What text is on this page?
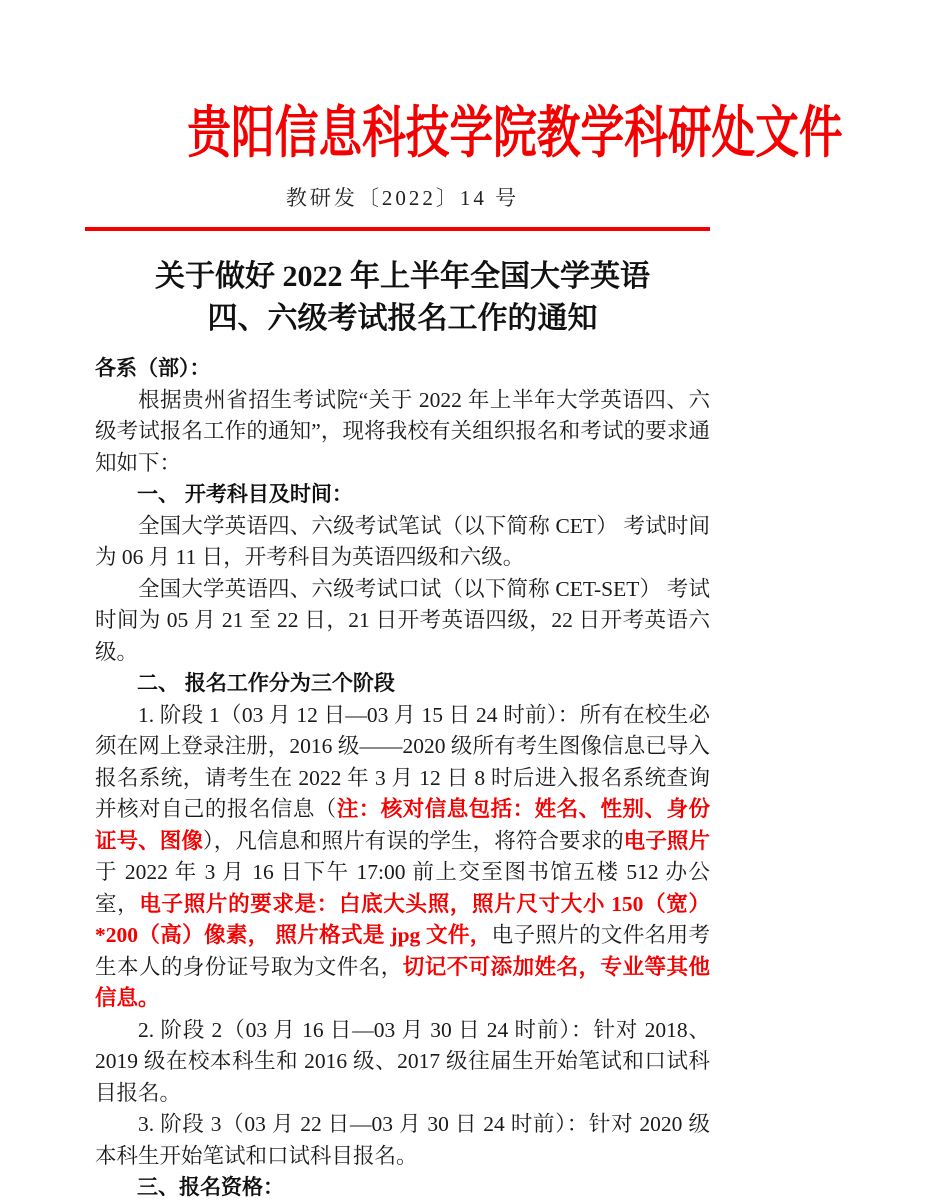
贵阳信息科技学院教学科研处文件
教研发〔2022〕14 号
关于做好 2022 年上半年全国大学英语
四、六级考试报名工作的通知
各系（部）：

根据贵州省招生考试院“关于 2022 年上半年大学英语四、六级考试报名工作的通知”，现将我校有关组织报名和考试的要求通知如下：

一、 开考科目及时间：

全国大学英语四、六级考试笔试（以下简称 CET） 考试时间为 06 月 11 日，开考科目为英语四级和六级。

全国大学英语四、六级考试口试（以下简称 CET-SET） 考试时间为 05 月 21 至 22 日，21 日开考英语四级，22 日开考英语六级。

二、 报名工作分为三个阶段

1. 阶段 1（03 月 12 日—03 月 15 日 24 时前）：所有在校生必须在网上登录注册，2016 级——2020 级所有考生图像信息已导入报名系统，请考生在 2022 年 3 月 12 日 8 时后进入报名系统查询并核对自己的报名信息（注：核对信息包括：姓名、性别、身份证号、图像），凡信息和照片有误的学生，将符合要求的电子照片于 2022 年 3 月 16 日下午 17:00 前上交至图书馆五楼 512 办公室，电子照片的要求是：白底大头照，照片尺寸大小 150（宽）*200（高）像素， 照片格式是 jpg 文件，电子照片的文件名用考生本人的身份证号取为文件名，切记不可添加姓名，专业等其他信息。

2. 阶段 2（03 月 16 日—03 月 30 日 24 时前）：针对 2018、2019 级在校本科生和 2016 级、2017 级往届生开始笔试和口试科目报名。

3. 阶段 3（03 月 22 日—03 月 30 日 24 时前）：针对 2020 级本科生开始笔试和口试科目报名。

三、报名资格：
